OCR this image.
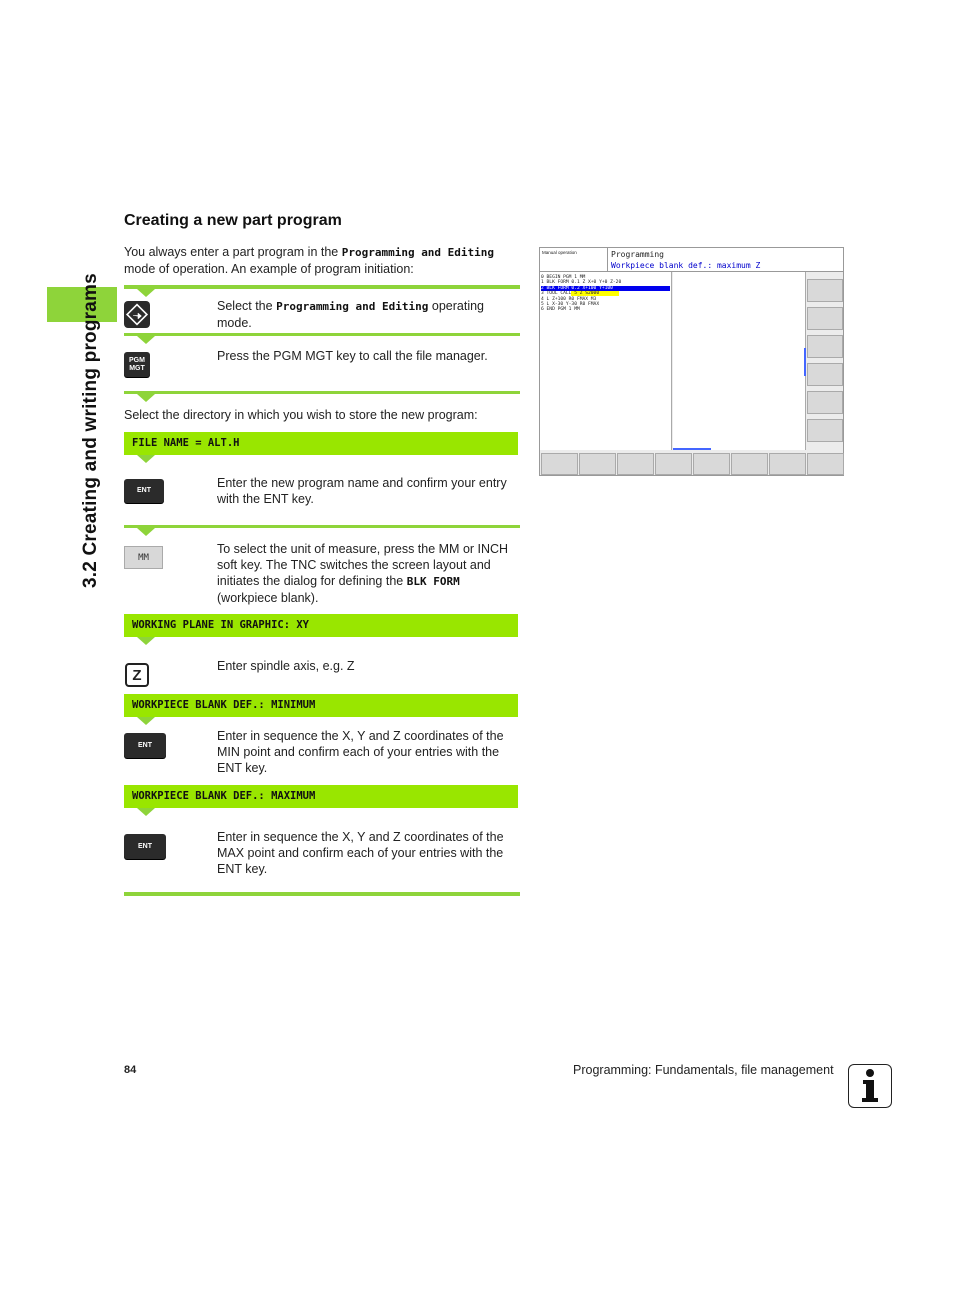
3.2 Creating and writing programs
Creating a new part program
You always enter a part program in the Programming and Editing
mode of operation. An example of program initiation:
Select the Programming and Editing operating mode.
PGM
MGT
Press the PGM MGT key to call the file manager.
Select the directory in which you wish to store the new program:
FILE NAME = ALT.H
ENT
Enter the new program name and confirm your entry
with the ENT key.
MM
To select the unit of measure, press the MM or INCH
soft key. The TNC switches the screen layout and
initiates the dialog for defining the BLK FORM
(workpiece blank).
WORKING PLANE IN GRAPHIC: XY
Z
Enter spindle axis, e.g. Z
WORKPIECE BLANK DEF.: MINIMUM
ENT
Enter in sequence the X, Y and Z coordinates of the
MIN point and confirm each of your entries with the
ENT key.
WORKPIECE BLANK DEF.: MAXIMUM
ENT
Enter in sequence the X, Y and Z coordinates of the
MAX point and confirm each of your entries with the
ENT key.
Manual operation	Programming
Workpiece blank def.: maximum Z
0 BEGIN PGM 1 MM
1 BLK FORM 0.1 Z X+0 Y+0 Z-20
2 BLK FORM 0.2 X+100 Y+100
3 TOOL CALL 5 Z S2000
4 L Z+100 R0 FMAX M3
5 L X-30 Y-30 R0 FMAX
6 END PGM 1 MM
84	Programming: Fundamentals, file management
